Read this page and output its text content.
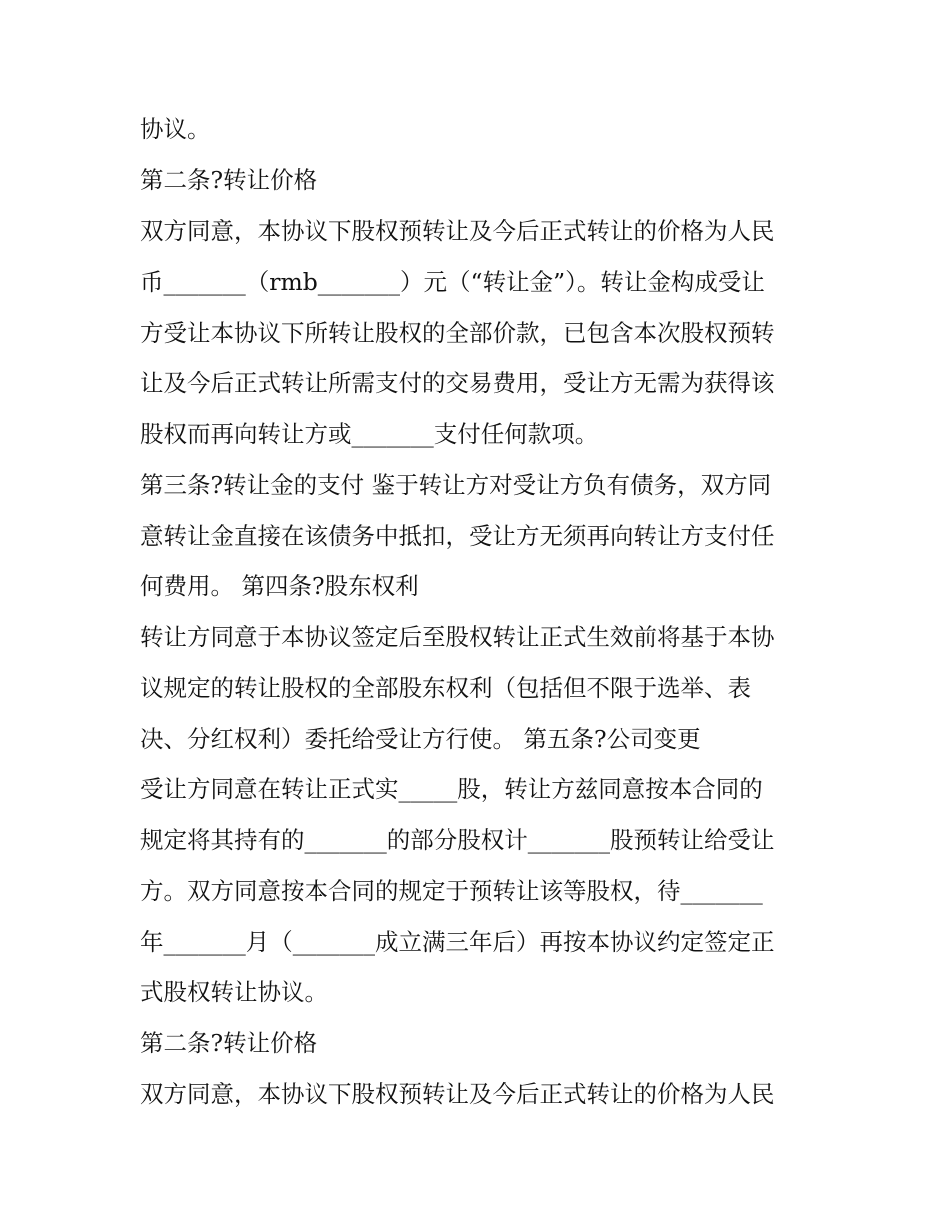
协议。
第二条?转让价格
双方同意，本协议下股权预转让及今后正式转让的价格为人民
币_______（rmb_______）元（“转让金”）。转让金构成受让
方受让本协议下所转让股权的全部价款，已包含本次股权预转
让及今后正式转让所需支付的交易费用，受让方无需为获得该
股权而再向转让方或_______支付任何款项。
第三条?转让金的支付 鉴于转让方对受让方负有债务，双方同
意转让金直接在该债务中抵扣，受让方无须再向转让方支付任
何费用。 第四条?股东权利
转让方同意于本协议签定后至股权转让正式生效前将基于本协
议规定的转让股权的全部股东权利（包括但不限于选举、表
决、分红权利）委托给受让方行使。 第五条?公司变更
受让方同意在转让正式实_____股，转让方兹同意按本合同的
规定将其持有的_______的部分股权计_______股预转让给受让
方。双方同意按本合同的规定于预转让该等股权，待_______
年_______月（_______成立满三年后）再按本协议约定签定正
式股权转让协议。
第二条?转让价格
双方同意，本协议下股权预转让及今后正式转让的价格为人民
